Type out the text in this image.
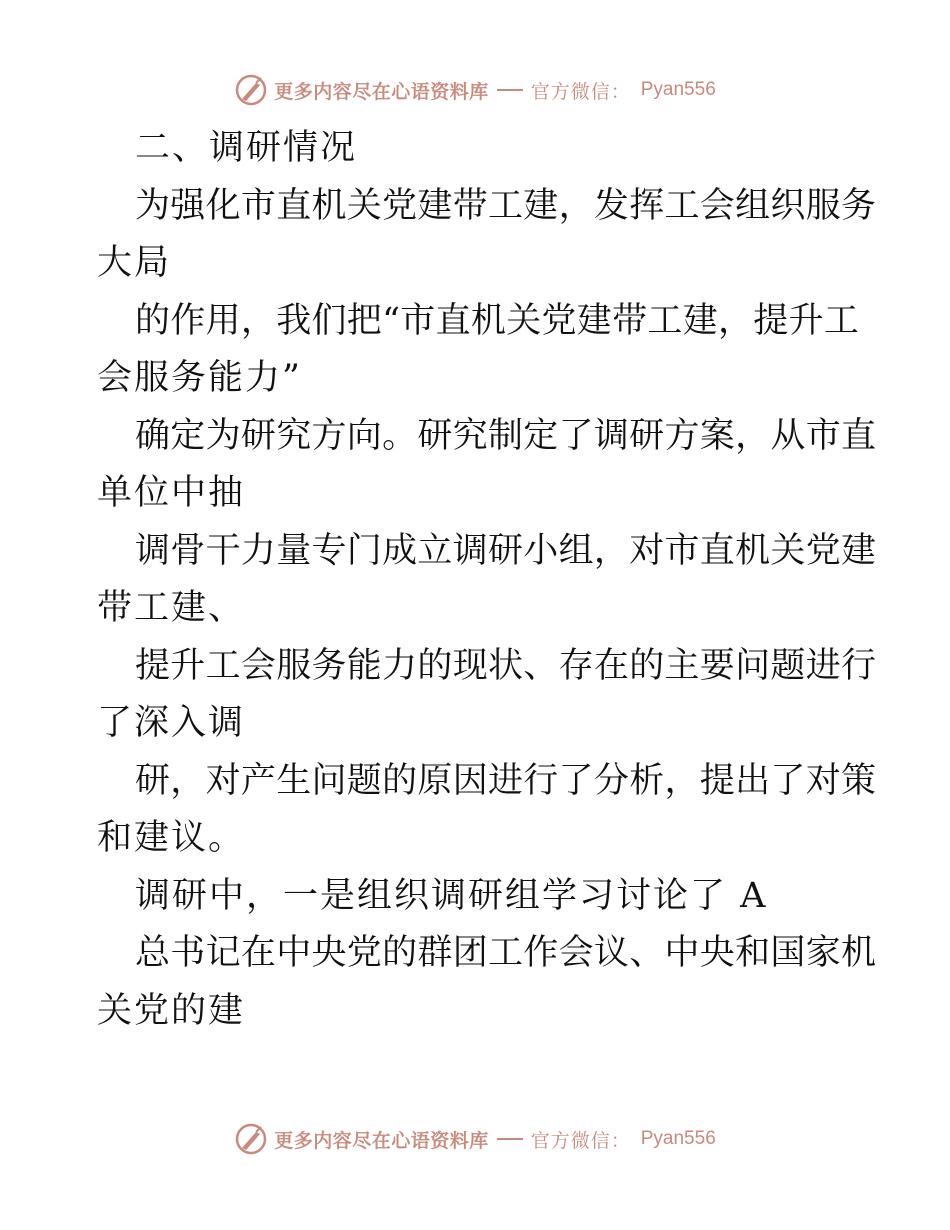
更多内容尽在心语资料库 官方微信： Pyan556
二、调研情况
为强化市直机关党建带工建，发挥工会组织服务
大局
的作用，我们把“市直机关党建带工建，提升工
会服务能力”
确定为研究方向。研究制定了调研方案，从市直
单位中抽
调骨干力量专门成立调研小组，对市直机关党建
带工建、
提升工会服务能力的现状、存在的主要问题进行
了深入调
研，对产生问题的原因进行了分析，提出了对策
和建议。
调研中，一是组织调研组学习讨论了 A
总书记在中央党的群团工作会议、中央和国家机
关党的建
更多内容尽在心语资料库 官方微信： Pyan556
